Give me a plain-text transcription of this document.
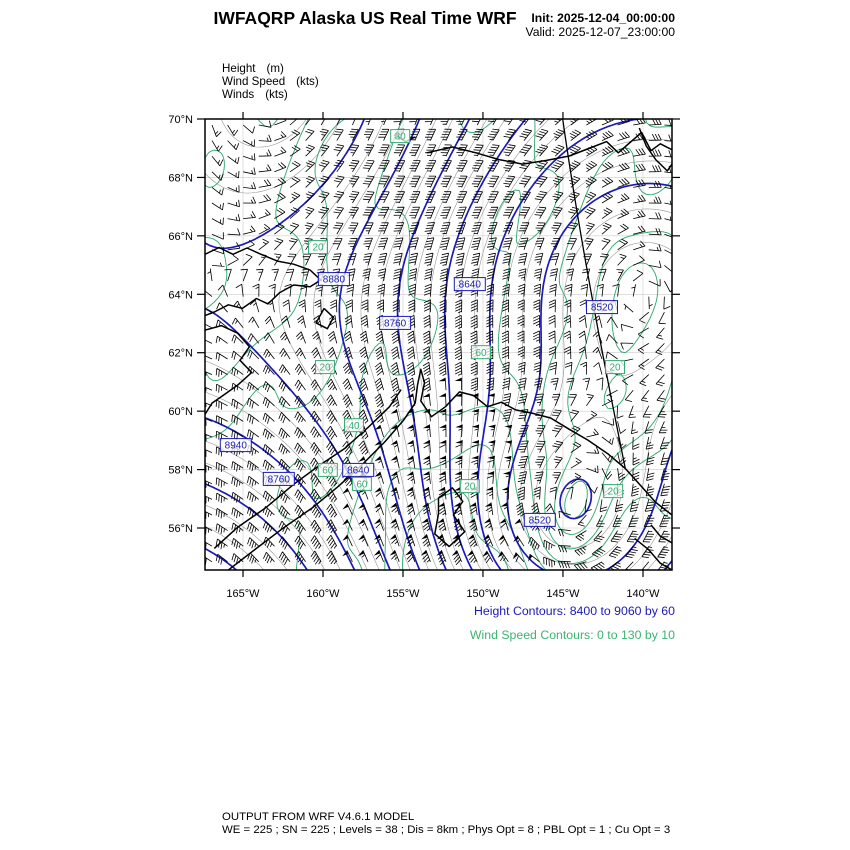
IWFAQRP Alaska US Real Time WRF Init: 2025-12-04_00:00:00
Valid: 2025-12-07_23:00:00
Height (m)
Wind Speed (kts)
Winds (kts)
8880	8640
8760
8520
8940
8760
8640
8520
30
20
20	20
60
40
60
60	20	20
165°W	160°W	155°W	150°W	145°W	140°W
70°N
68°N
66°N
64°N
62°N
60°N
58°N
56°N
Height Contours: 8400 to 9060 by 60
Wind Speed Contours: 0 to 130 by 10
OUTPUT FROM WRF V4.6.1 MODEL
WE = 225 ; SN = 225 ; Levels = 38 ; Dis = 8km ; Phys Opt = 8 ; PBL Opt = 1 ; Cu Opt = 3
